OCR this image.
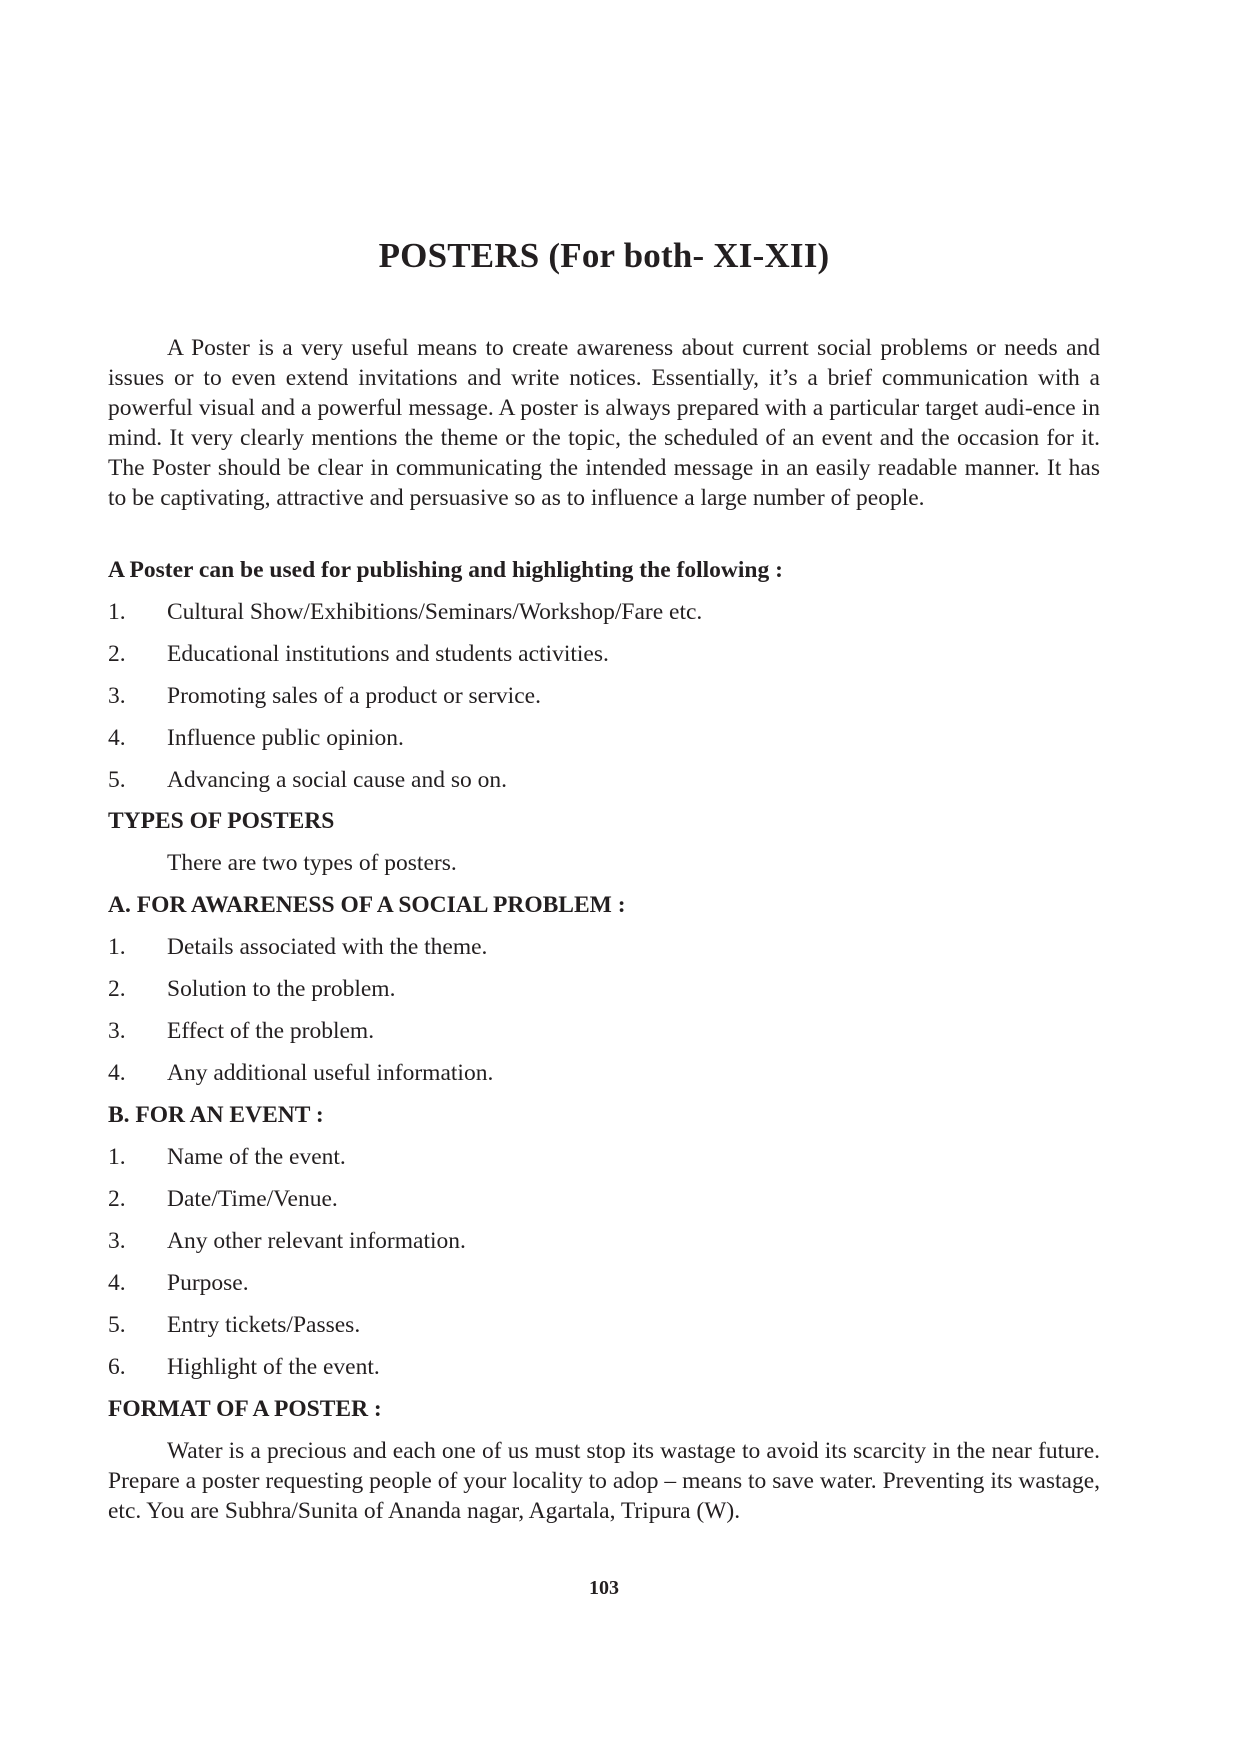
POSTERS (For both- XI-XII)

A Poster is a very useful means to create awareness about current social problems or needs and issues or to even extend invitations and write notices. Essentially, it’s a brief communication with a powerful visual and a powerful message. A poster is always prepared with a particular target audi-ence in mind. It very clearly mentions the theme or the topic, the scheduled of an event and the occasion for it. The Poster should be clear in communicating the intended message in an easily readable manner. It has to be captivating, attractive and persuasive so as to influence a large number of people.

A Poster can be used for publishing and highlighting the following :

1.	Cultural Show/Exhibitions/Seminars/Workshop/Fare etc.
2.	Educational institutions and students activities.
3.	Promoting sales of a product or service.
4.	Influence public opinion.
5.	Advancing a social cause and so on.

TYPES OF POSTERS

There are two types of posters.

A. FOR AWARENESS OF A SOCIAL PROBLEM :

1.	Details associated with the theme.
2.	Solution to the problem.
3.	Effect of the problem.
4.	Any additional useful information.

B. FOR AN EVENT :

1.	Name of the event.
2.	Date/Time/Venue.
3.	Any other relevant information.
4.	Purpose.
5.	Entry tickets/Passes.
6.	Highlight of the event.

FORMAT OF A POSTER :

Water is a precious and each one of us must stop its wastage to avoid its scarcity in the near future. Prepare a poster requesting people of your locality to adop – means to save water. Preventing its wastage, etc. You are Subhra/Sunita of Ananda nagar, Agartala, Tripura (W).

103
